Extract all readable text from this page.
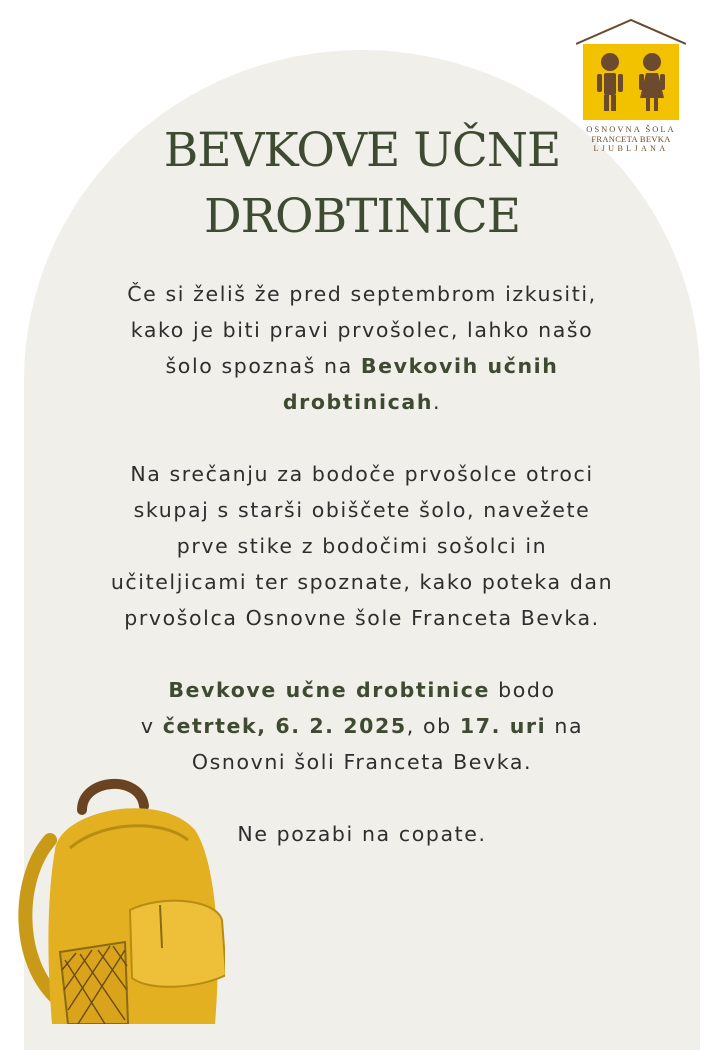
OSNOVNA ŠOLA
FRANCETA BEVKA
LJUBLJANA
BEVKOVE UČNE
DROBTINICE
Če si želiš že pred septembrom izkusiti,
kako je biti pravi prvošolec, lahko našo
šolo spoznaš na Bevkovih učnih
drobtinicah.
Na srečanju za bodoče prvošolce otroci
skupaj s starši obiščete šolo, navežete
prve stike z bodočimi sošolci in
učiteljicami ter spoznate, kako poteka dan
prvošolca Osnovne šole Franceta Bevka.
Bevkove učne drobtinice bodo
v četrtek, 6. 2. 2025, ob 17. uri na
Osnovni šoli Franceta Bevka.
Ne pozabi na copate.
